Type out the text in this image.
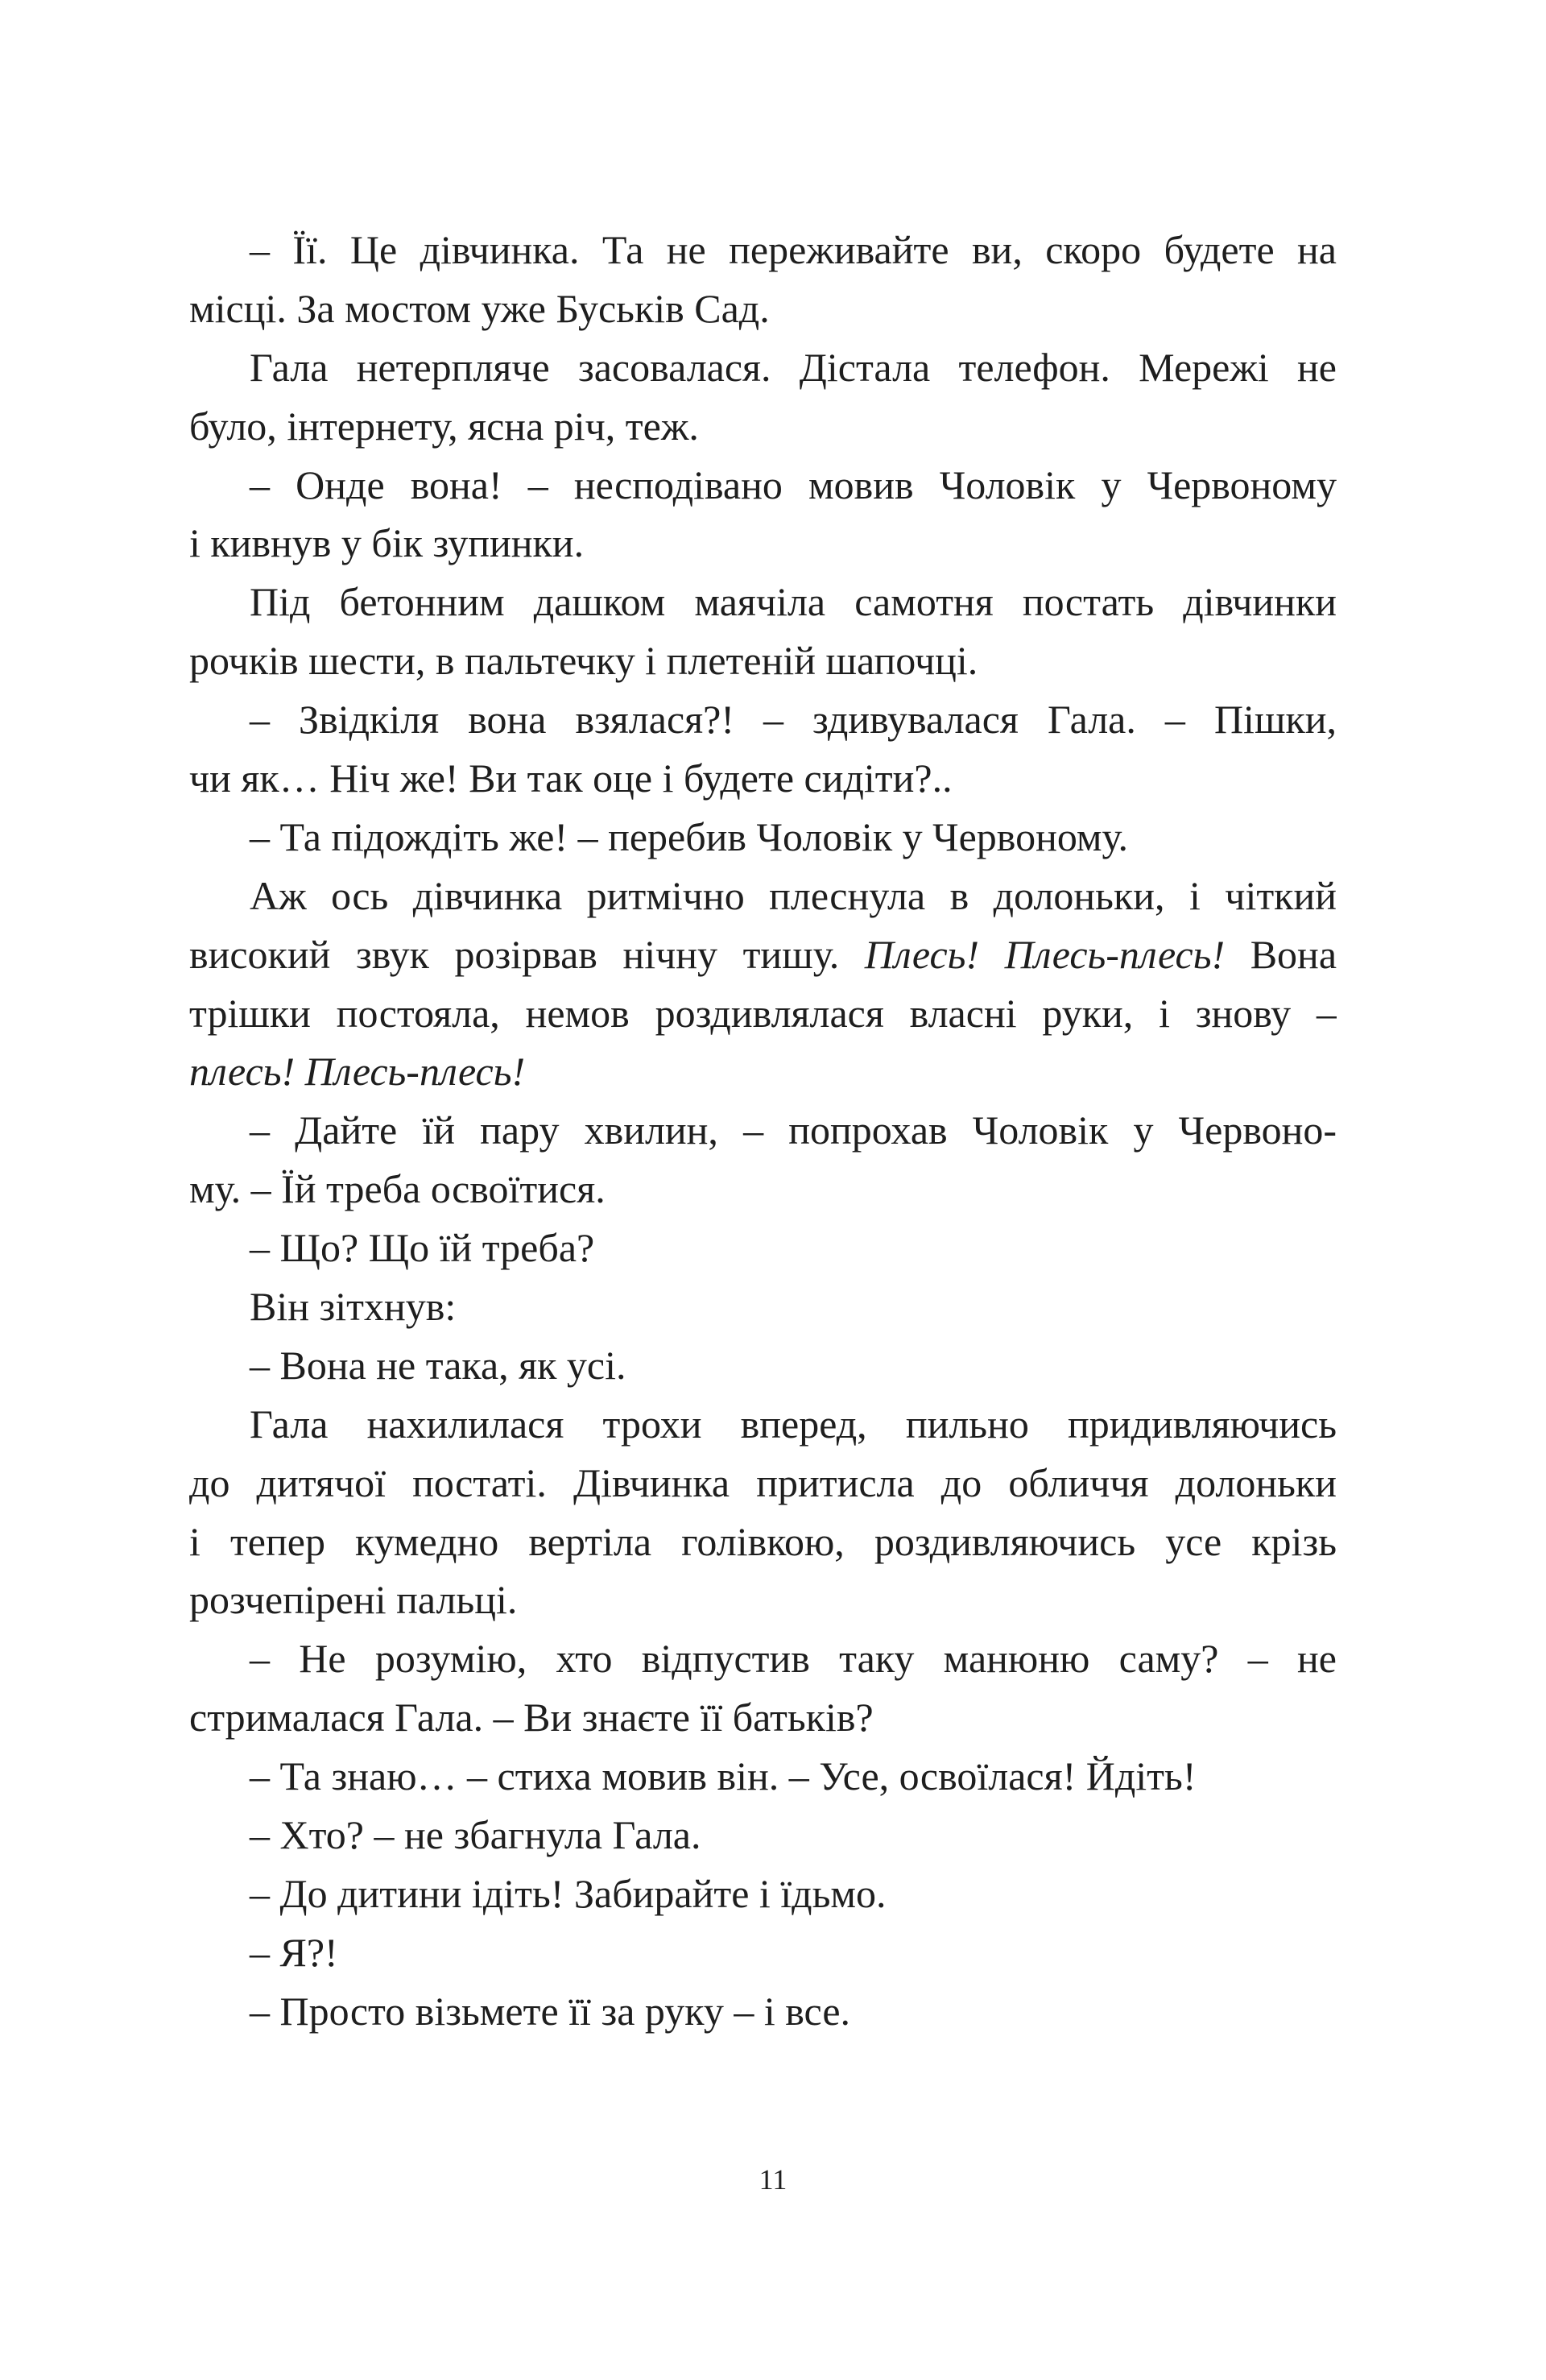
– Її. Це дівчинка. Та не переживайте ви, скоро будете на
місці. За мостом уже Буськів Сад.
Гала нетерпляче засовалася. Дістала телефон. Мережі не
було, інтернету, ясна річ, теж.
– Онде вона! – несподівано мовив Чоловік у Червоному
і кивнув у бік зупинки.
Під бетонним дашком маячіла самотня постать дівчинки
рочків шести, в пальтечку і плетеній шапочці.
– Звідкіля вона взялася?! – здивувалася Гала. – Пішки,
чи як… Ніч же! Ви так оце і будете сидіти?..
– Та підождіть же! – перебив Чоловік у Червоному.
Аж ось дівчинка ритмічно плеснула в долоньки, і чіткий
високий звук розірвав нічну тишу. Плесь! Плесь-плесь! Вона
трішки постояла, немов роздивлялася власні руки, і знову –
плесь! Плесь-плесь!
– Дайте їй пару хвилин, – попрохав Чоловік у Червоно-
му. – Їй треба освоїтися.
– Що? Що їй треба?
Він зітхнув:
– Вона не така, як усі.
Гала нахилилася трохи вперед, пильно придивляючись
до дитячої постаті. Дівчинка притисла до обличчя долоньки
і тепер кумедно вертіла голівкою, роздивляючись усе крізь
розчепірені пальці.
– Не розумію, хто відпустив таку манюню саму? – не
стрималася Гала. – Ви знаєте її батьків?
– Та знаю… – стиха мовив він. – Усе, освоїлася! Йдіть!
– Хто? – не збагнула Гала.
– До дитини ідіть! Забирайте і їдьмо.
– Я?!
– Просто візьмете її за руку – і все.
11
